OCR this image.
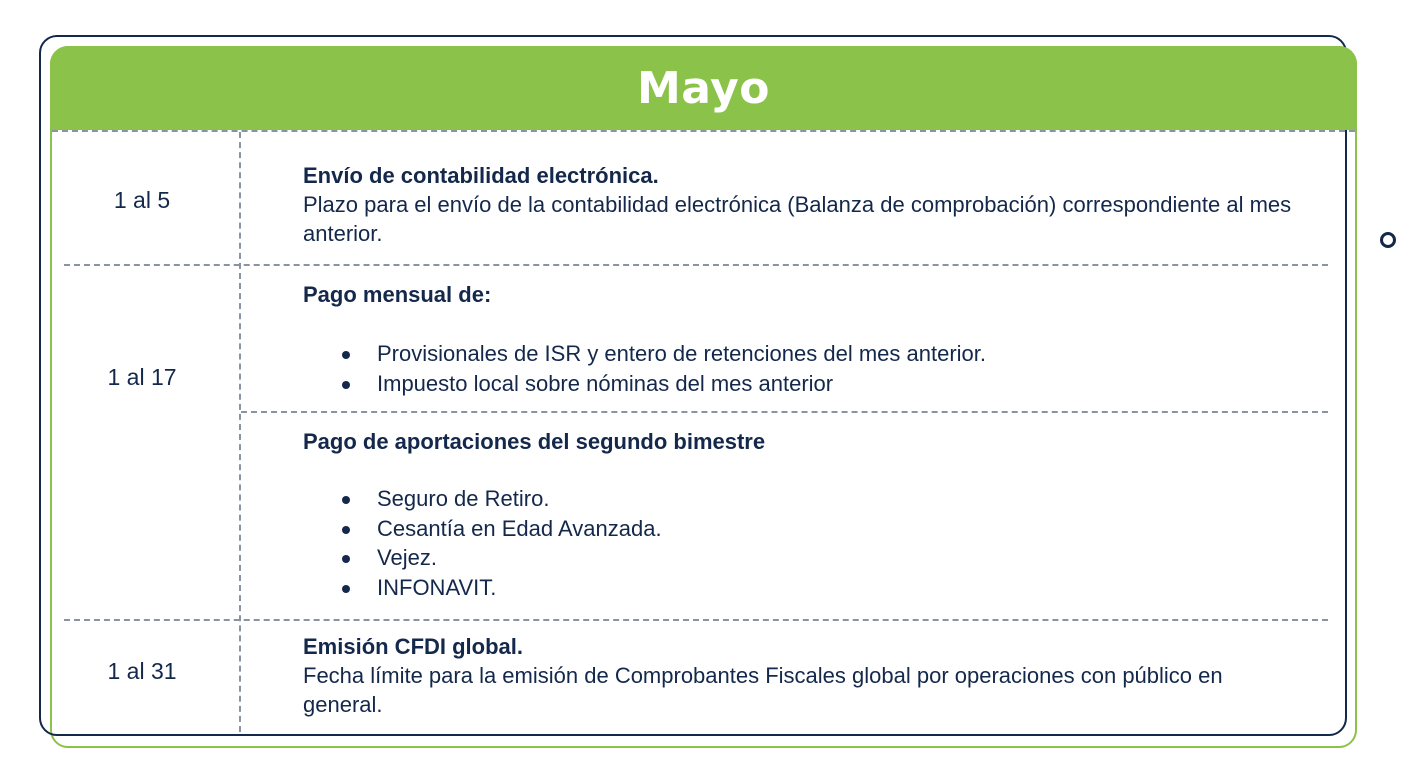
Mayo
1 al 5
Envío de contabilidad electrónica.
Plazo para el envío de la contabilidad electrónica (Balanza de comprobación) correspondiente al mes anterior.
1 al 17
Pago mensual de:
Provisionales de ISR y entero de retenciones del mes anterior.
Impuesto local sobre nóminas del mes anterior
Pago de aportaciones del segundo bimestre
Seguro de Retiro.
Cesantía en Edad Avanzada.
Vejez.
INFONAVIT.
1 al 31
Emisión CFDI global.
Fecha límite para la emisión de Comprobantes Fiscales global por operaciones con público en general.
